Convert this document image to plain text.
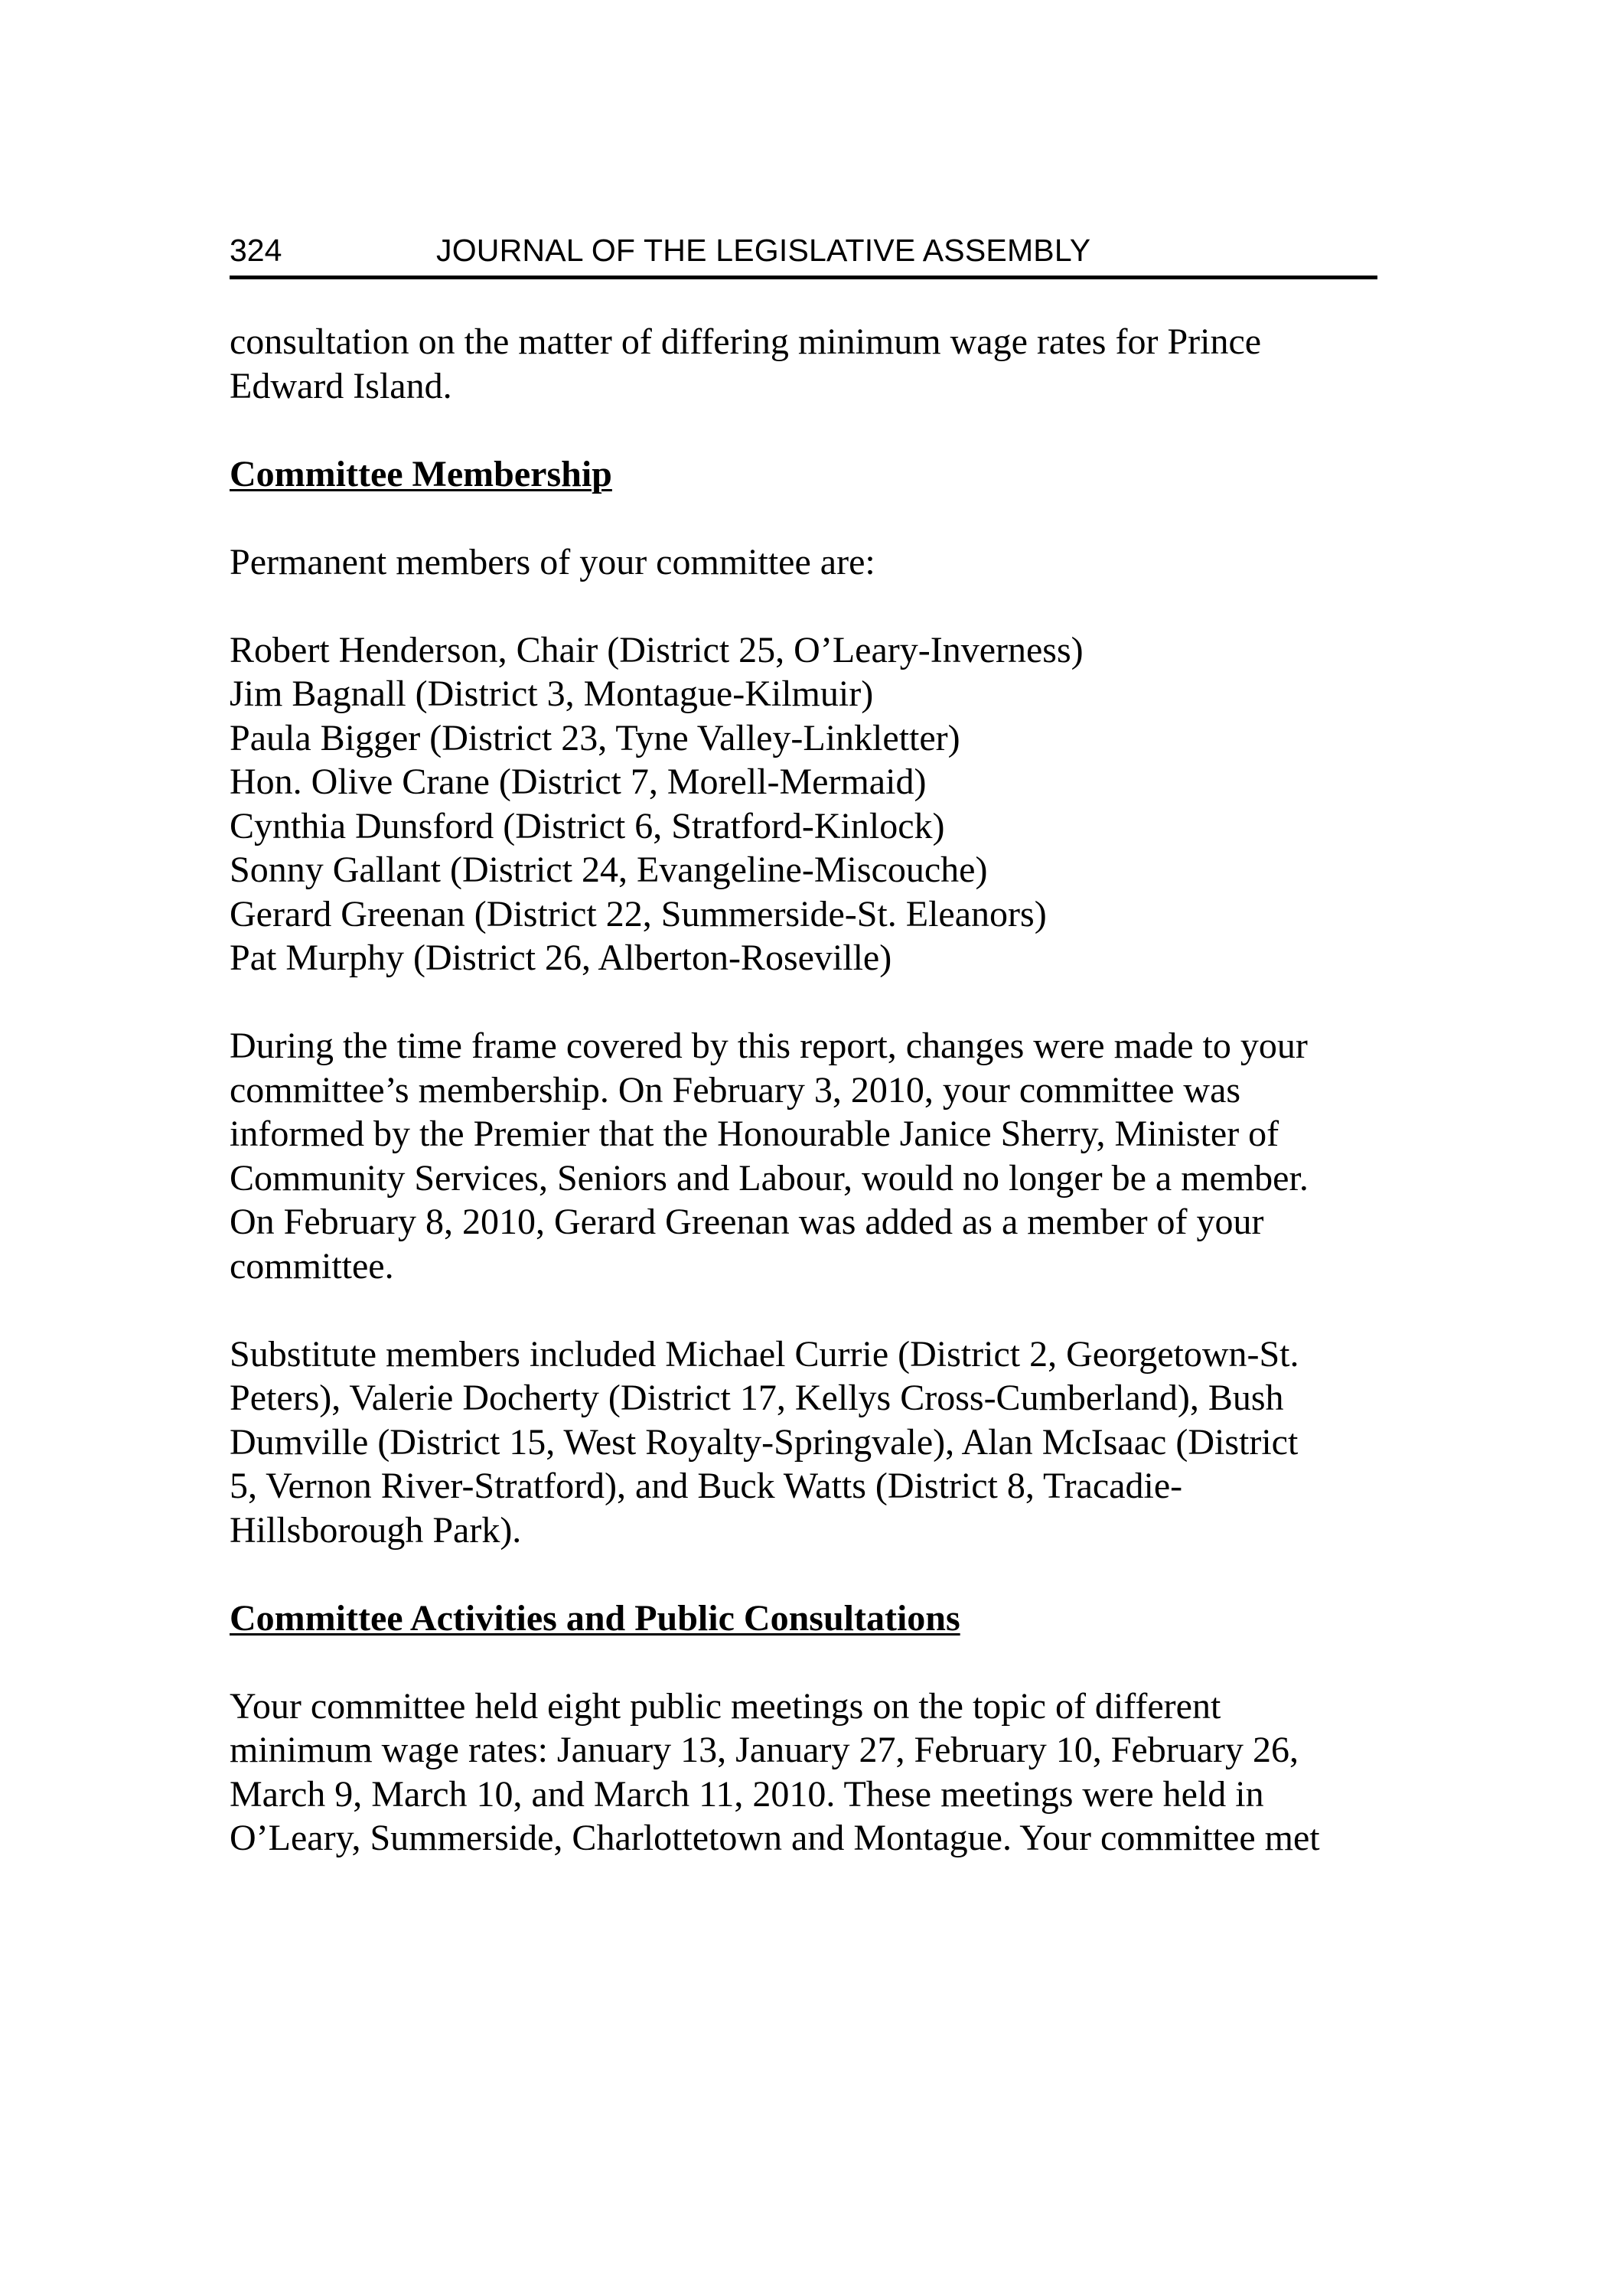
324	JOURNAL OF THE LEGISLATIVE ASSEMBLY

consultation on the matter of differing minimum wage rates for Prince
Edward Island.

Committee Membership

Permanent members of your committee are:

Robert Henderson, Chair (District 25, O’Leary-Inverness)
Jim Bagnall (District 3, Montague-Kilmuir)
Paula Bigger (District 23, Tyne Valley-Linkletter)
Hon. Olive Crane (District 7, Morell-Mermaid)
Cynthia Dunsford (District 6, Stratford-Kinlock)
Sonny Gallant (District 24, Evangeline-Miscouche)
Gerard Greenan (District 22, Summerside-St. Eleanors)
Pat Murphy (District 26, Alberton-Roseville)

During the time frame covered by this report, changes were made to your
committee’s membership. On February 3, 2010, your committee was
informed by the Premier that the Honourable Janice Sherry, Minister of
Community Services, Seniors and Labour, would no longer be a member.
On February 8, 2010, Gerard Greenan was added as a member of your
committee.

Substitute members included Michael Currie (District 2, Georgetown-St.
Peters), Valerie Docherty (District 17, Kellys Cross-Cumberland), Bush
Dumville (District 15, West Royalty-Springvale), Alan McIsaac (District
5, Vernon River-Stratford), and Buck Watts (District 8, Tracadie-
Hillsborough Park).

Committee Activities and Public Consultations

Your committee held eight public meetings on the topic of different
minimum wage rates: January 13, January 27, February 10, February 26,
March 9, March 10, and March 11, 2010. These meetings were held in
O’Leary, Summerside, Charlottetown and Montague. Your committee met
